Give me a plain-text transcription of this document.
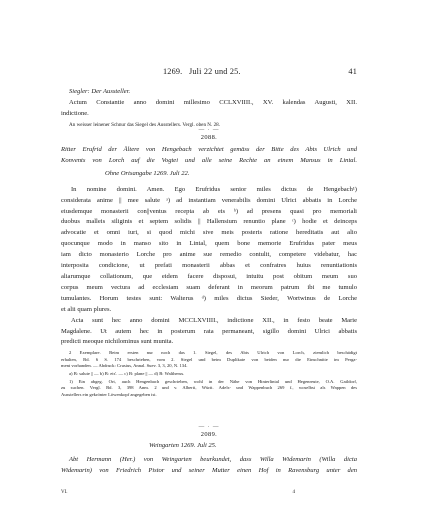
1269. Juli 22 und 25.	41
Siegler: Der Aussteller.
Actum Constantie anno domini millesimo CCLXVIIII., XV. kalendas Augusti, XII.
indictione.
An weisser leinener Schnur das Siegel des Ausstellers. Vergl. oben N. 28.
— · —
2088.
Ritter Erufrid der Ältere von Hengebach verzichtet gemäss der Bitte des Abts Ulrich und
Konvents von Lorch auf die Vogtei und alle seine Rechte an einem Mansus in Lintal.
Ohne Ortsangabe 1269. Juli 22.
In nomine domini. Amen. Ego Erufridus senior miles dictus de Hengebach¹)
considerata anime || mee salute ᵃ) ad instantiam venerabilis domini Ulrici abbatis in Lorche
eiusdemque monasterii con||ventus recepta ab eis ᵇ) ad presens quasi pro memoriali
duobus malleis siliginis et septem solidis || Hallensium renuntio plane ᶜ) hodie et deinceps
advocatie et omni iuri, si quod michi sive meis posteris ratione hereditatis aut alio
quocunque modo in manso sito in Lintal, quem bone memorie Erufridus pater meus
iam dicto monasterio Lorche pro anime sue remedio contulit, competere videbatur, hac
interposita condicione, ut prefati monasterii abbas et confratres huius renuntiationis
aliarumque collationum, que eidem facere disposui, intuitu post obitum meum suo
corpus meum vectura ad ecclesiam suam deferant in meorum patrum ibi me tumulo
tumulantes. Horum testes sunt: Walterus ᵈ) miles dictus Sieder, Wortwinus de Lorche
et alii quam plures.
Acta sunt hec anno domini MCCLXVIIII., indictione XII., in festo beate Marie
Magdalene. Ut autem hec in posterum rata permaneant, sigillo domini Ulrici abbatis
predicti meoque nichilominus sunt munita.
2 Exemplare. Beim ersten nur noch das 1. Siegel, des Abts Ulrich von Lorch, ziemlich beschädigt
erhalten, Bd. 6 S. 174 beschrieben, vom 2. Siegel und beim Duplikate von beiden nur die Einschnitte im Perga-
ment vorhanden. — Abdruck: Crusius, Annal. Suev. 3, 3, 20, N. 134.
a) B: salute || — b) B: eis'. — c) B: plane || — d) B: Waltherus.
1) Ein abgeg. Ort, auch Hengenbach geschrieben, wohl in der Nähe von Hinterlintal und Hegenreute, O.A. Gaildorf,
zu suchen. Vergl. Bd. 3, 398 Anm. 2 und v. Alberti, Württ. Adels- und Wappenbuch 269 f., woselbst als Wappen des
Ausstellers ein gekrönter Löwenkopf angegeben ist.
— · —
2089.
Weingarten 1269. Juli 25.
Abt Hermann (Her.) von Weingarten beurkundet, dass Willa Widemarin (Willa dicta
Widemarin) von Friedrich Pistor und seiner Mutter einen Hof in Ravensburg unter den
VI.	4
